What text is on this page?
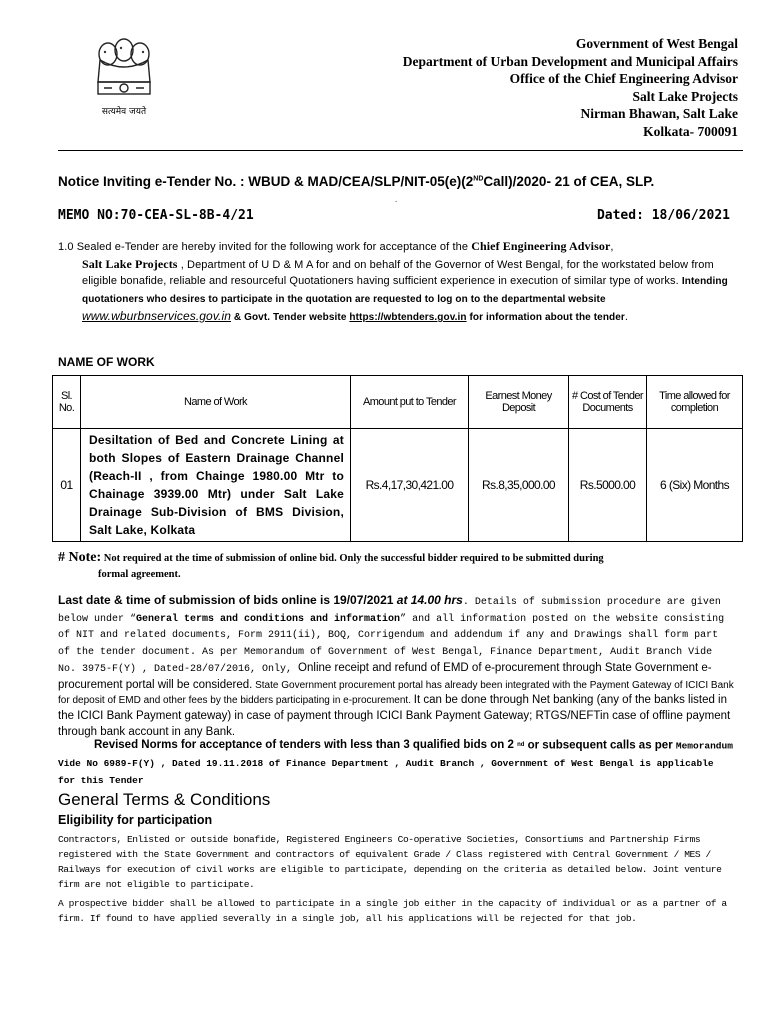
सत्यमेव जयते
Government of West Bengal
Department of Urban Development and Municipal Affairs
Office of the Chief Engineering Advisor
Salt Lake Projects
Nirman Bhawan, Salt Lake
Kolkata- 700091
Notice Inviting e-Tender No. : WBUD & MAD/CEA/SLP/NIT-05(e)(2NDCall)/2020- 21 of CEA, SLP.
.
MEMO NO:70-CEA-SL-8B-4/21	Dated: 18/06/2021
1.0 Sealed e-Tender are hereby invited for the following work for acceptance of the Chief Engineering Advisor,
Salt Lake Projects , Department of U D & M A for and on behalf of the Governor of West Bengal, for the workstated below from eligible bonafide, reliable and resourceful Quotationers having sufficient experience in execution of similar type of works. Intending quotationers who desires to participate in the quotation are requested to log on to the departmental website www.wburbnservices.gov.in & Govt. Tender website https://wbtenders.gov.in for information about the tender.
NAME OF WORK
Sl. No.	Name of Work	Amount put to Tender	Earnest Money Deposit	# Cost of Tender Documents	Time allowed for completion
01	Desiltation of Bed and Concrete Lining at both Slopes of Eastern Drainage Channel (Reach-II , from Chainge 1980.00 Mtr to Chainage 3939.00 Mtr) under Salt Lake Drainage Sub-Division of BMS Division, Salt Lake, Kolkata	Rs.4,17,30,421.00	Rs.8,35,000.00	Rs.5000.00	6 (Six) Months
# Note: Not required at the time of submission of online bid. Only the successful bidder required to be submitted during
formal agreement.
Last date & time of submission of bids online is 19/07/2021 at 14.00 hrs. Details of submission procedure are given below under “General terms and conditions and information” and all information posted on the website consisting of NIT and related documents, Form 2911(ii), BOQ, Corrigendum and addendum if any and Drawings shall form part of the tender document. As per Memorandum of Government of West Bengal, Finance Department, Audit Branch Vide No. 3975-F(Y) , Dated-28/07/2016, Only, Online receipt and refund of EMD of e-procurement through State Government e- procurement portal will be considered. State Government procurement portal has already been integrated with the Payment Gateway of ICICI Bank for deposit of EMD and other fees by the bidders participating in e-procurement. It can be done through Net banking (any of the banks listed in the ICICI Bank Payment gateway) in case of payment through ICICI Bank Payment Gateway; RTGS/NEFTin case of offline payment through bank account in any Bank.
Revised Norms for acceptance of tenders with less than 3 qualified bids on 2 nd or subsequent calls as per Memorandum Vide No 6989-F(Y) , Dated 19.11.2018 of Finance Department , Audit Branch , Government of West Bengal is applicable for this Tender
General Terms & Conditions
Eligibility for participation
Contractors, Enlisted or outside bonafide, Registered Engineers Co-operative Societies, Consortiums and Partnership Firms registered with the State Government and contractors of equivalent Grade / Class registered with Central Government / MES / Railways for execution of civil works are eligible to participate, depending on the criteria as detailed below. Joint venture firm are not eligible to participate.
A prospective bidder shall be allowed to participate in a single job either in the capacity of individual or as a partner of a firm. If found to have applied severally in a single job, all his applications will be rejected for that job.
